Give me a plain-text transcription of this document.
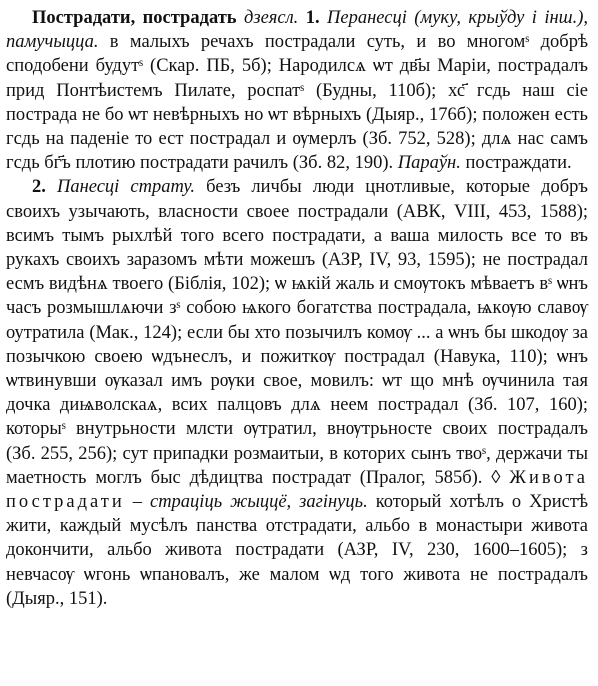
Пострадати, пострадать дзеясл. 1. Перанесці (муку, крыўду і інш.), памучыцца. в малыхъ речахъ пострадали суть, и во многомˢ добрѣ сподобени будутˢ (Скар. ПБ, 5б); Народилсѧ ѡт дв҃ы Маріи, пострадалъ прид Понтѣистемъ Пилате, роспатˢ (Будны, 110б); хс҃ гсдь наш сіе пострада не бо ѡт невѣрныхъ но ѡт вѣрныхъ (Дыяр., 176б); положен есть гсдь на паденіе то ест пострадал и ѹмерлъ (Зб. 752, 528); длѧ нас самъ гсдь бг҃ъ плотию пострадати рачилъ (Зб. 82, 190). Параўн. пострaждати.

2. Панесці страту. безъ личбы люди цнотливые, которые добръ своихъ узычають, власности своее пострадали (АВК, VIII, 453, 1588); всимъ тымъ рыхлѣй того всего пострадати, а ваша милость все то въ рукахъ своихъ заразомъ мѣти можешъ (АЗР, IV, 93, 1595); не пострадал есмъ видѣнѧ твоего (Біблія, 102); ѡ ѩкій жаль и смѹтокъ мѣваетъ вˢ ѡнъ часъ розмышлѧючи зˢ собою ѩкого богатства пострадала, ѩкѹю славѹ оутратила (Мак., 124); если бы хто позычилъ комѹ ... а ѡнъ бы шкодѹ за позычкою своею ѡдънеслъ, и пожиткѹ пострадал (Навука, 110); ѡнъ ѡтвинувши ѹказал имъ рѹки свое, мовилъ: ѡт що мнѣ ѹчинила тая дочка диѩволскаѧ, всих палцовъ длѧ неем пострадал (Зб. 107, 160); которыˢ внутрьности млсти ѹтратил, внѹтрьносте своих пострадалъ (Зб. 255, 256); сут припадки розмаитыи, в которих сынъ твоˢ, держачи ты маетность моглъ быс дѣдицтва пострадат (Пралог, 585б). ◊ Живота пострадати – страціць жыццё, загінуць. который хотѣлъ о Христѣ жити, каждый мусѣлъ панства отстрадати, альбо в монастыри живота докончити, альбо живота пострадати (АЗР, IV, 230, 1600–1605); з невчасѹ ѡгонь ѡпановалъ, же малом ѡд того живота не пострадалъ (Дыяр., 151).
